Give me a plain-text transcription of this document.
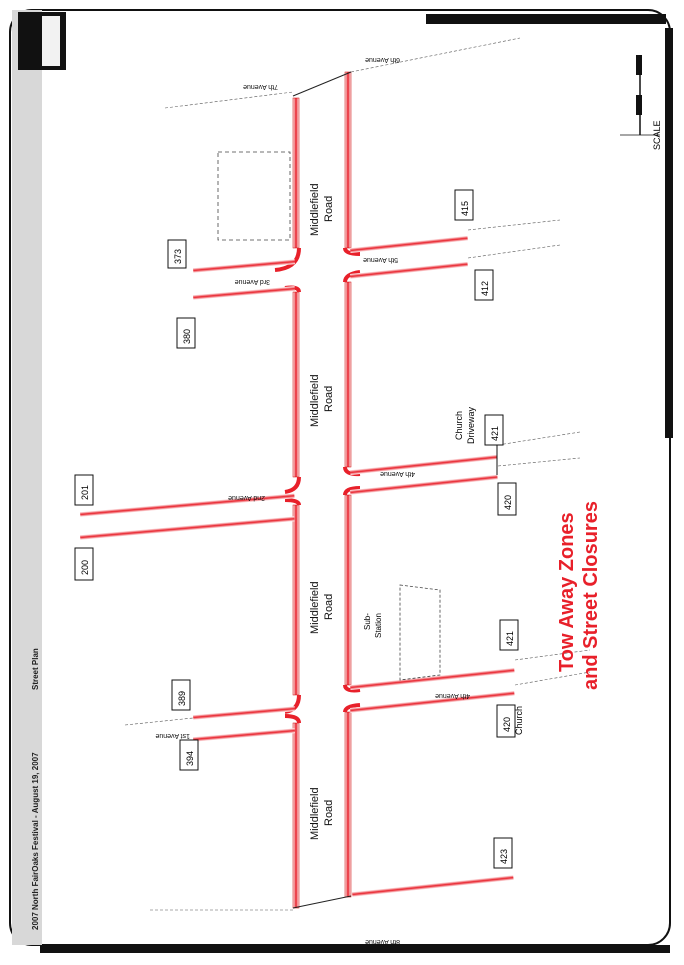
2007 North FairOaks Festival - August 19, 2007
Street Plan
Middlefield Road
Middlefield Road
Middlefield Road
Middlefield Road
3rd Avenue
2nd Avenue
1st Avenue
5th Avenue
4th Avenue
4th Avenue
8th Avenue
7th Avenue
6th Avenue
373
380
201
200
389
394
415
412
421
420
421
420
423
Church Driveway
Church
Sub- Station	Tow Away Zones and Street Closures
SCALE
